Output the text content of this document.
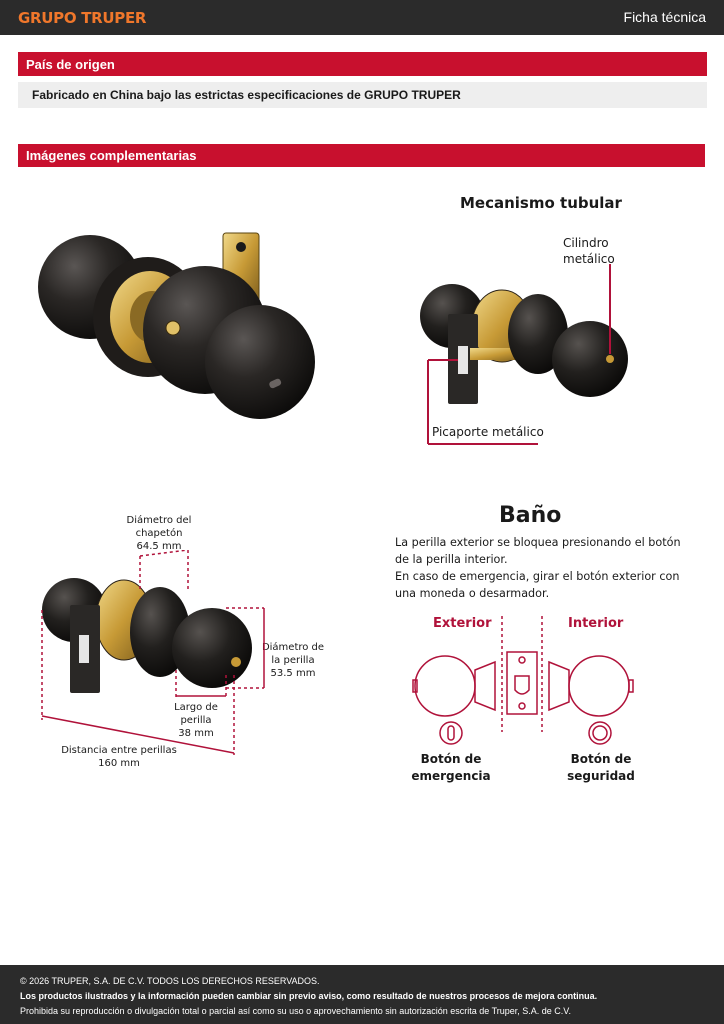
GRUPO TRUPER	Ficha técnica
País de origen
Fabricado en China bajo las estrictas especificaciones de GRUPO TRUPER
Imágenes complementarias
Mecanismo tubular
Cilindro
metálico
Picaporte metálico
Diámetro del
chapetón
64.5 mm
Diámetro de
la perilla
53.5 mm
Largo de
perilla
38 mm
Distancia entre perillas
160 mm
Baño
La perilla exterior se bloquea presionando el botón
de la perilla interior.
En caso de emergencia, girar el botón exterior con
una moneda o desarmador.
Exterior	Interior
Botón de
emergencia
Botón de
seguridad
© 2026 TRUPER, S.A. DE C.V. TODOS LOS DERECHOS RESERVADOS.
Los productos ilustrados y la información pueden cambiar sin previo aviso, como resultado de nuestros procesos de mejora continua.
Prohibida su reproducción o divulgación total o parcial así como su uso o aprovechamiento sin autorización escrita de Truper, S.A. de C.V.
